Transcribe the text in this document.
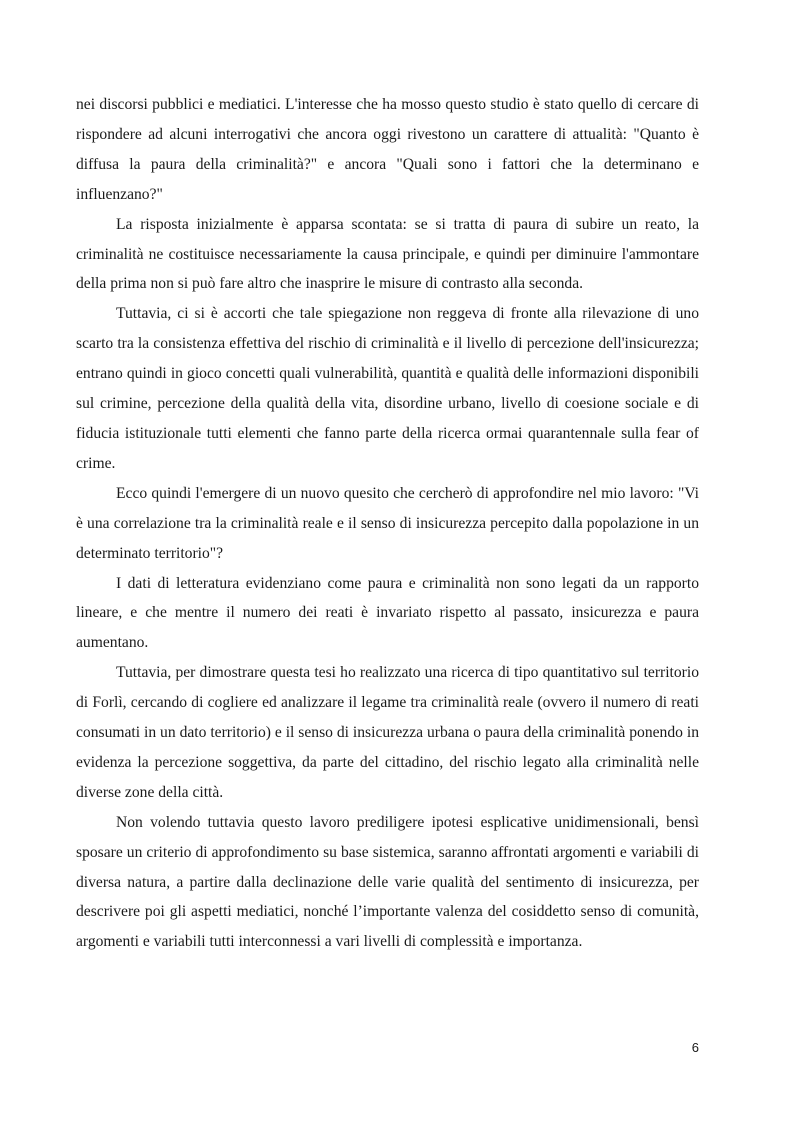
nei discorsi pubblici e mediatici. L'interesse che ha mosso questo studio è stato quello di cercare di rispondere ad alcuni interrogativi che ancora oggi rivestono un carattere di attualità: "Quanto è diffusa la paura della criminalità?" e ancora "Quali sono i fattori che la determinano e influenzano?"

La risposta inizialmente è apparsa scontata: se si tratta di paura di subire un reato, la criminalità ne costituisce necessariamente la causa principale, e quindi per diminuire l'ammontare della prima non si può fare altro che inasprire le misure di contrasto alla seconda.

Tuttavia, ci si è accorti che tale spiegazione non reggeva di fronte alla rilevazione di uno scarto tra la consistenza effettiva del rischio di criminalità e il livello di percezione dell'insicurezza; entrano quindi in gioco concetti quali vulnerabilità, quantità e qualità delle informazioni disponibili sul crimine, percezione della qualità della vita, disordine urbano, livello di coesione sociale e di fiducia istituzionale tutti elementi che fanno parte della ricerca ormai quarantennale sulla fear of crime.

Ecco quindi l'emergere di un nuovo quesito che cercherò di approfondire nel mio lavoro: "Vi è una correlazione tra la criminalità reale e il senso di insicurezza percepito dalla popolazione in un determinato territorio"?

I dati di letteratura evidenziano come paura e criminalità non sono legati da un rapporto lineare, e che mentre il numero dei reati è invariato rispetto al passato, insicurezza e paura aumentano.

Tuttavia, per dimostrare questa tesi ho realizzato una ricerca di tipo quantitativo sul territorio di Forlì, cercando di cogliere ed analizzare il legame tra criminalità reale (ovvero il numero di reati consumati in un dato territorio) e il senso di insicurezza urbana o paura della criminalità ponendo in evidenza la percezione soggettiva, da parte del cittadino, del rischio legato alla criminalità nelle diverse zone della città.

Non volendo tuttavia questo lavoro prediligere ipotesi esplicative unidimensionali, bensì sposare un criterio di approfondimento su base sistemica, saranno affrontati argomenti e variabili di diversa natura, a partire dalla declinazione delle varie qualità del sentimento di insicurezza, per descrivere poi gli aspetti mediatici, nonché l’importante valenza del cosiddetto senso di comunità, argomenti e variabili tutti interconnessi a vari livelli di complessità e importanza.

6
